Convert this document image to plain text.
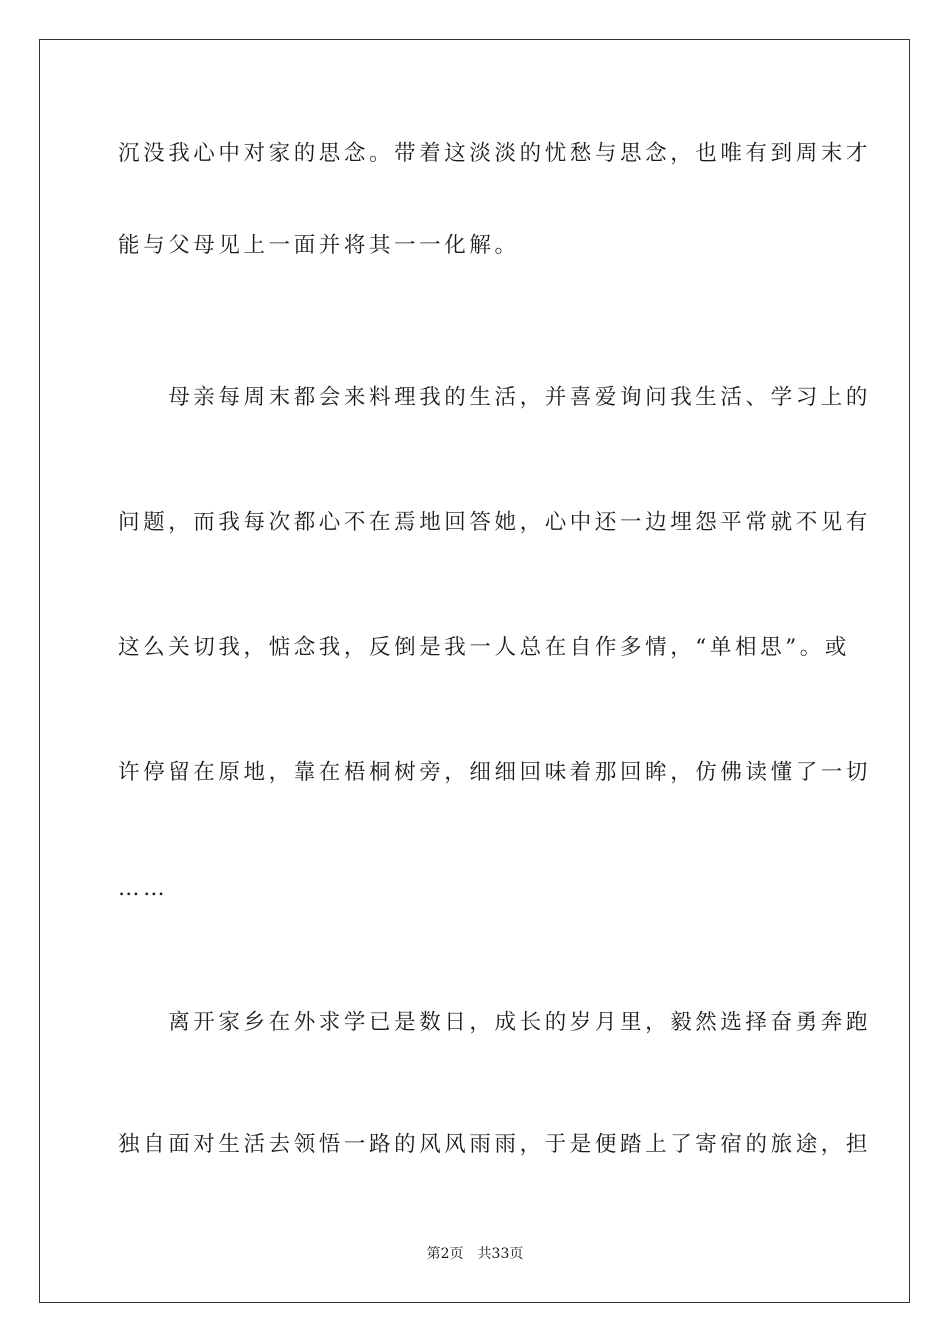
沉没我心中对家的思念。带着这淡淡的忧愁与思念，也唯有到周末才
能与父母见上一面并将其一一化解。
　　母亲每周末都会来料理我的生活，并喜爱询问我生活、学习上的
问题，而我每次都心不在焉地回答她，心中还一边埋怨平常就不见有
这么关切我，惦念我，反倒是我一人总在自作多情，“单相思”。或
许停留在原地，靠在梧桐树旁，细细回味着那回眸，仿佛读懂了一切
……
　　离开家乡在外求学已是数日，成长的岁月里，毅然选择奋勇奔跑
独自面对生活去领悟一路的风风雨雨，于是便踏上了寄宿的旅途，担
第2页 共33页
